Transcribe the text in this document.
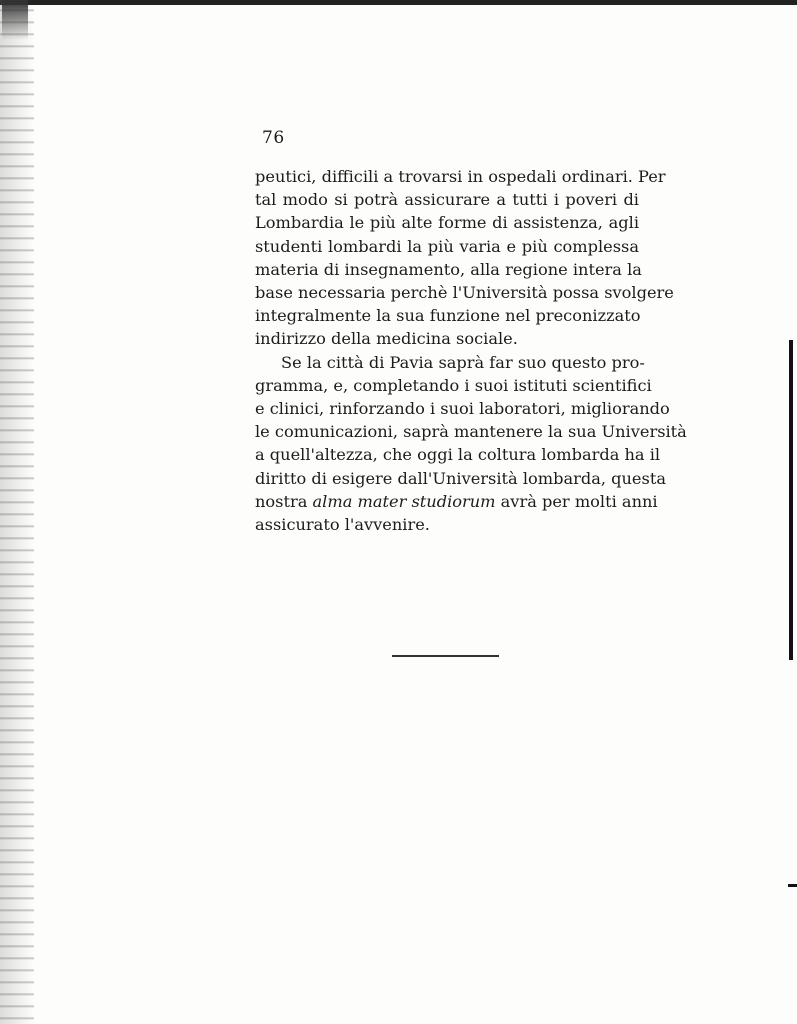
76
peutici, difficili a trovarsi in ospedali ordinari. Per
tal modo si potrà assicurare a tutti i poveri di
Lombardia le più alte forme di assistenza, agli
studenti lombardi la più varia e più complessa
materia di insegnamento, alla regione intera la
base necessaria perchè l'Università possa svolgere
integralmente la sua funzione nel preconizzato
indirizzo della medicina sociale.
Se la città di Pavia saprà far suo questo pro-
gramma, e, completando i suoi istituti scientifici
e clinici, rinforzando i suoi laboratori, migliorando
le comunicazioni, saprà mantenere la sua Università
a quell'altezza, che oggi la coltura lombarda ha il
diritto di esigere dall'Università lombarda, questa
nostra alma mater studiorum avrà per molti anni
assicurato l'avvenire.
